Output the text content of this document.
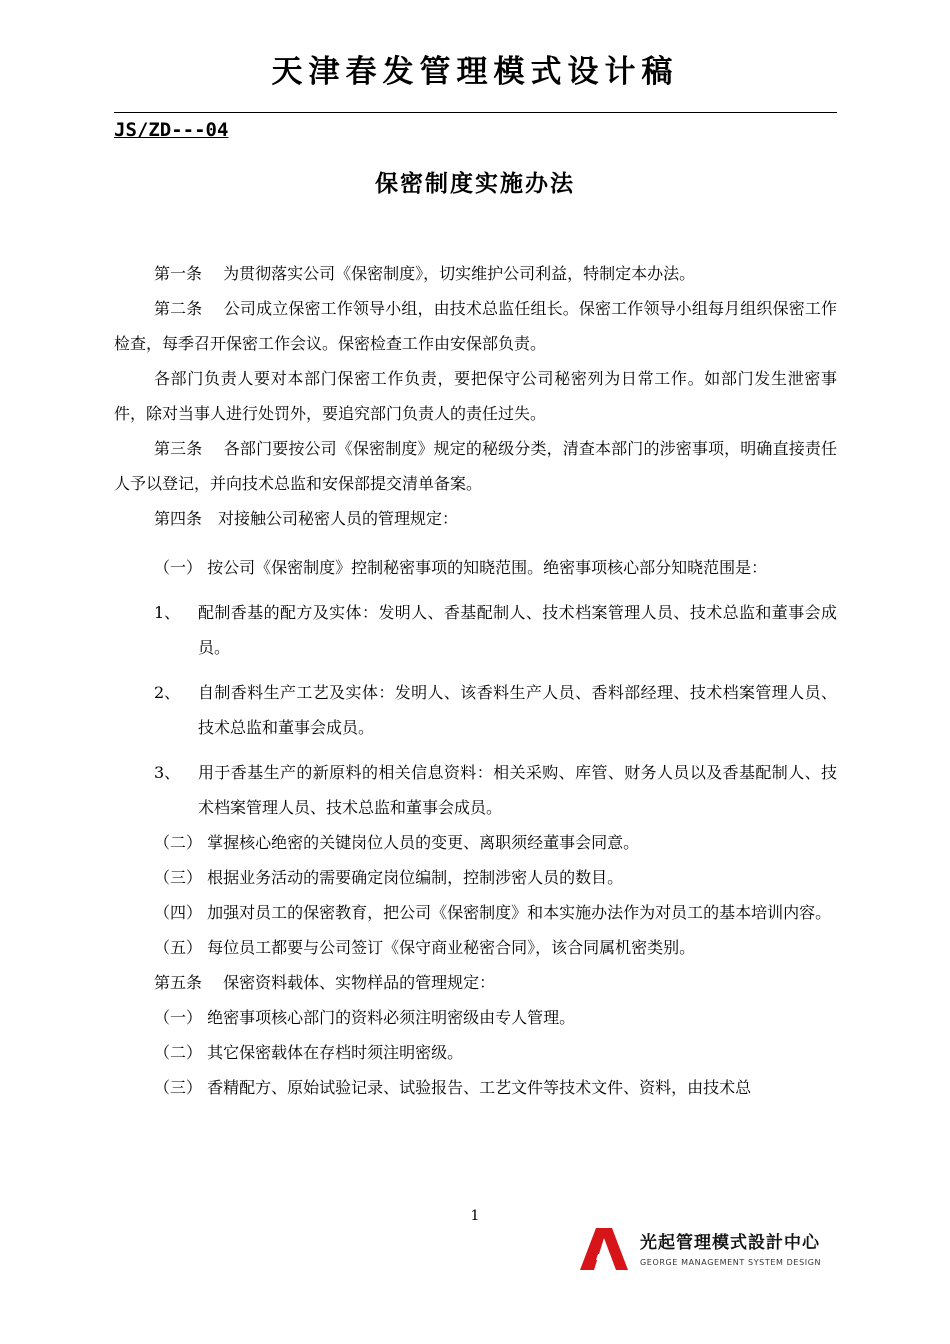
天津春发管理模式设计稿
JS/ZD---04
保密制度实施办法

第一条　 为贯彻落实公司《保密制度》，切实维护公司利益，特制定本办法。

第二条　 公司成立保密工作领导小组，由技术总监任组长。保密工作领导小组每月组织保密工作检查，每季召开保密工作会议。保密检查工作由安保部负责。

各部门负责人要对本部门保密工作负责，要把保守公司秘密列为日常工作。如部门发生泄密事件，除对当事人进行处罚外，要追究部门负责人的责任过失。

第三条　 各部门要按公司《保密制度》规定的秘级分类，清查本部门的涉密事项，明确直接责任人予以登记，并向技术总监和安保部提交清单备案。

第四条　对接触公司秘密人员的管理规定：

（一） 按公司《保密制度》控制秘密事项的知晓范围。绝密事项核心部分知晓范围是：

1、	配制香基的配方及实体：发明人、香基配制人、技术档案管理人员、技术总监和董事会成员。
2、	自制香料生产工艺及实体：发明人、该香料生产人员、香料部经理、技术档案管理人员、技术总监和董事会成员。
3、	用于香基生产的新原料的相关信息资料：相关采购、库管、财务人员以及香基配制人、技术档案管理人员、技术总监和董事会成员。

（二） 掌握核心绝密的关键岗位人员的变更、离职须经董事会同意。

（三） 根据业务活动的需要确定岗位编制，控制涉密人员的数目。

（四） 加强对员工的保密教育，把公司《保密制度》和本实施办法作为对员工的基本培训内容。

（五） 每位员工都要与公司签订《保守商业秘密合同》，该合同属机密类别。

第五条　 保密资料载体、实物样品的管理规定：

（一） 绝密事项核心部门的资料必须注明密级由专人管理。

（二） 其它保密载体在存档时须注明密级。

（三） 香精配方、原始试验记录、试验报告、工艺文件等技术文件、资料，由技术总

1
光起管理模式設計中心
GEORGE MANAGEMENT SYSTEM DESIGN
